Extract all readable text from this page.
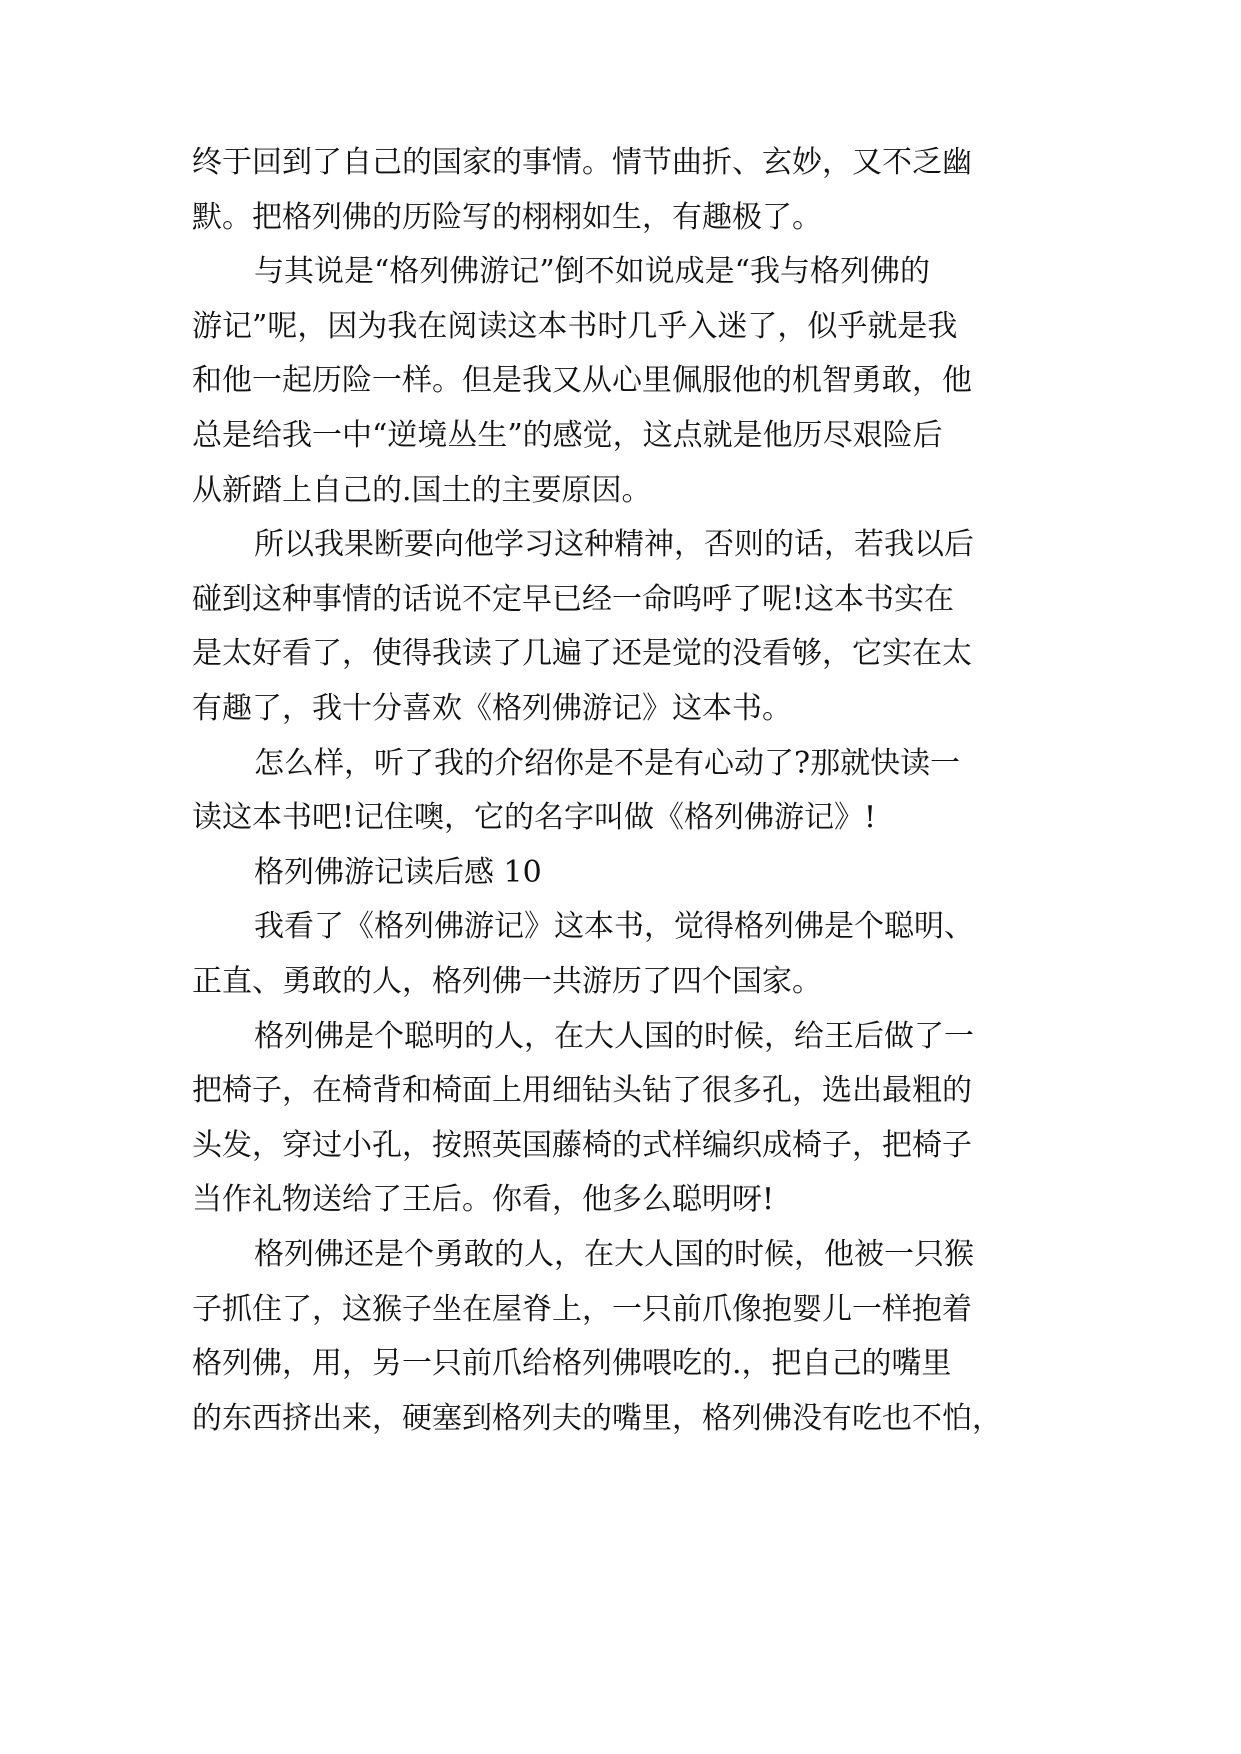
终于回到了自己的国家的事情。情节曲折、玄妙，又不乏幽
默。把格列佛的历险写的栩栩如生，有趣极了。
与其说是“格列佛游记”倒不如说成是“我与格列佛的
游记”呢，因为我在阅读这本书时几乎入迷了，似乎就是我
和他一起历险一样。但是我又从心里佩服他的机智勇敢，他
总是给我一中“逆境丛生”的感觉，这点就是他历尽艰险后
从新踏上自己的.国土的主要原因。
所以我果断要向他学习这种精神，否则的话，若我以后
碰到这种事情的话说不定早已经一命呜呼了呢!这本书实在
是太好看了，使得我读了几遍了还是觉的没看够，它实在太
有趣了，我十分喜欢《格列佛游记》这本书。
怎么样，听了我的介绍你是不是有心动了?那就快读一
读这本书吧!记住噢，它的名字叫做《格列佛游记》!
格列佛游记读后感 10
我看了《格列佛游记》这本书，觉得格列佛是个聪明、
正直、勇敢的人，格列佛一共游历了四个国家。
格列佛是个聪明的人，在大人国的时候，给王后做了一
把椅子，在椅背和椅面上用细钻头钻了很多孔，选出最粗的
头发，穿过小孔，按照英国藤椅的式样编织成椅子，把椅子
当作礼物送给了王后。你看，他多么聪明呀!
格列佛还是个勇敢的人，在大人国的时候，他被一只猴
子抓住了，这猴子坐在屋脊上，一只前爪像抱婴儿一样抱着
格列佛，用，另一只前爪给格列佛喂吃的.，把自己的嘴里
的东西挤出来，硬塞到格列夫的嘴里，格列佛没有吃也不怕，
